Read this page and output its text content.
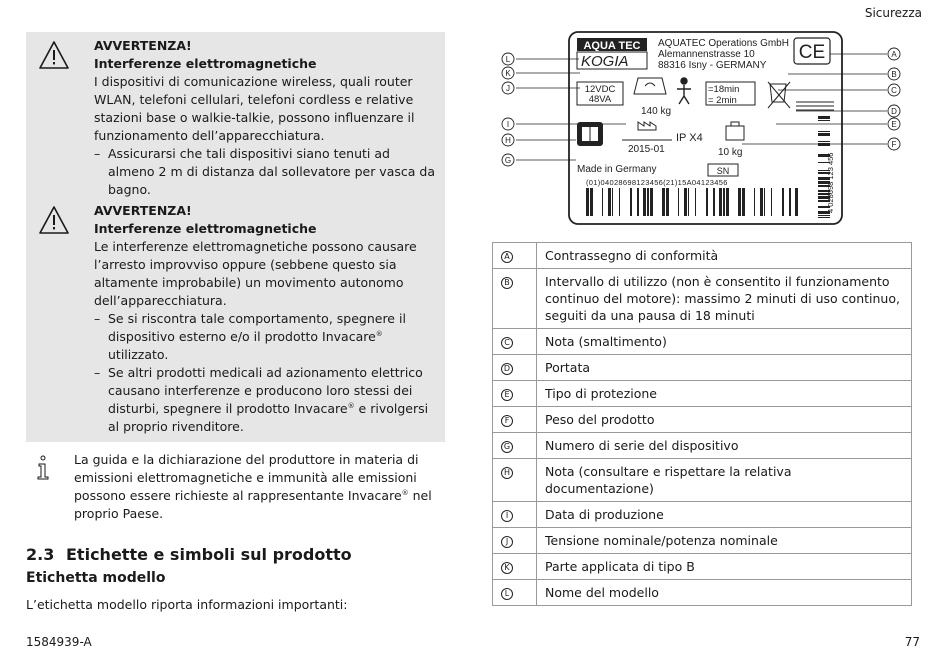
Sicurezza
AVVERTENZA!
Interferenze elettromagnetiche
I dispositivi di comunicazione wireless, quali router WLAN, telefoni cellulari, telefoni cordless e relative stazioni base o walkie-talkie, possono influenzare il funzionamento dell’apparecchiatura.
– Assicurarsi che tali dispositivi siano tenuti ad almeno 2 m di distanza dal sollevatore per vasca da bagno.
AVVERTENZA!
Interferenze elettromagnetiche
Le interferenze elettromagnetiche possono causare l’arresto improvviso oppure (sebbene questo sia altamente improbabile) un movimento autonomo dell’apparecchiatura.
– Se si riscontra tale comportamento, spegnere il dispositivo esterno e/o il prodotto Invacare® utilizzato.
– Se altri prodotti medicali ad azionamento elettrico causano interferenze e producono loro stessi dei disturbi, spegnere il prodotto Invacare® e rivolgersi al proprio rivenditore.
La guida e la dichiarazione del produttore in materia di emissioni elettromagnetiche e immunità alle emissioni possono essere richieste al rappresentante Invacare® nel proprio Paese.
2.3 Etichette e simboli sul prodotto
Etichetta modello
L’etichetta modello riporta informazioni importanti:
AQUA TEC
KOGIA
AQUATEC Operations GmbH
Alemannenstrasse 10
88316 Isny - GERMANY
CE
12VDC
48VA
140 kg
=18min
= 2min
2015-01
IP X4
10 kg
Made in Germany	SN
(01)04028698123456(21)15A04123456	4 028698 123 456
L
K
J
I
H
G
A
B
C
D
E
F
A	Contrassegno di conformità
B	Intervallo di utilizzo (non è consentito il funzionamento continuo del motore): massimo 2 minuti di uso continuo, seguiti da una pausa di 18 minuti
C	Nota (smaltimento)
D	Portata
E	Tipo di protezione
F	Peso del prodotto
G	Numero di serie del dispositivo
H	Nota (consultare e rispettare la relativa documentazione)
I	Data di produzione
J	Tensione nominale/potenza nominale
K	Parte applicata di tipo B
L	Nome del modello
1584939-A	77
